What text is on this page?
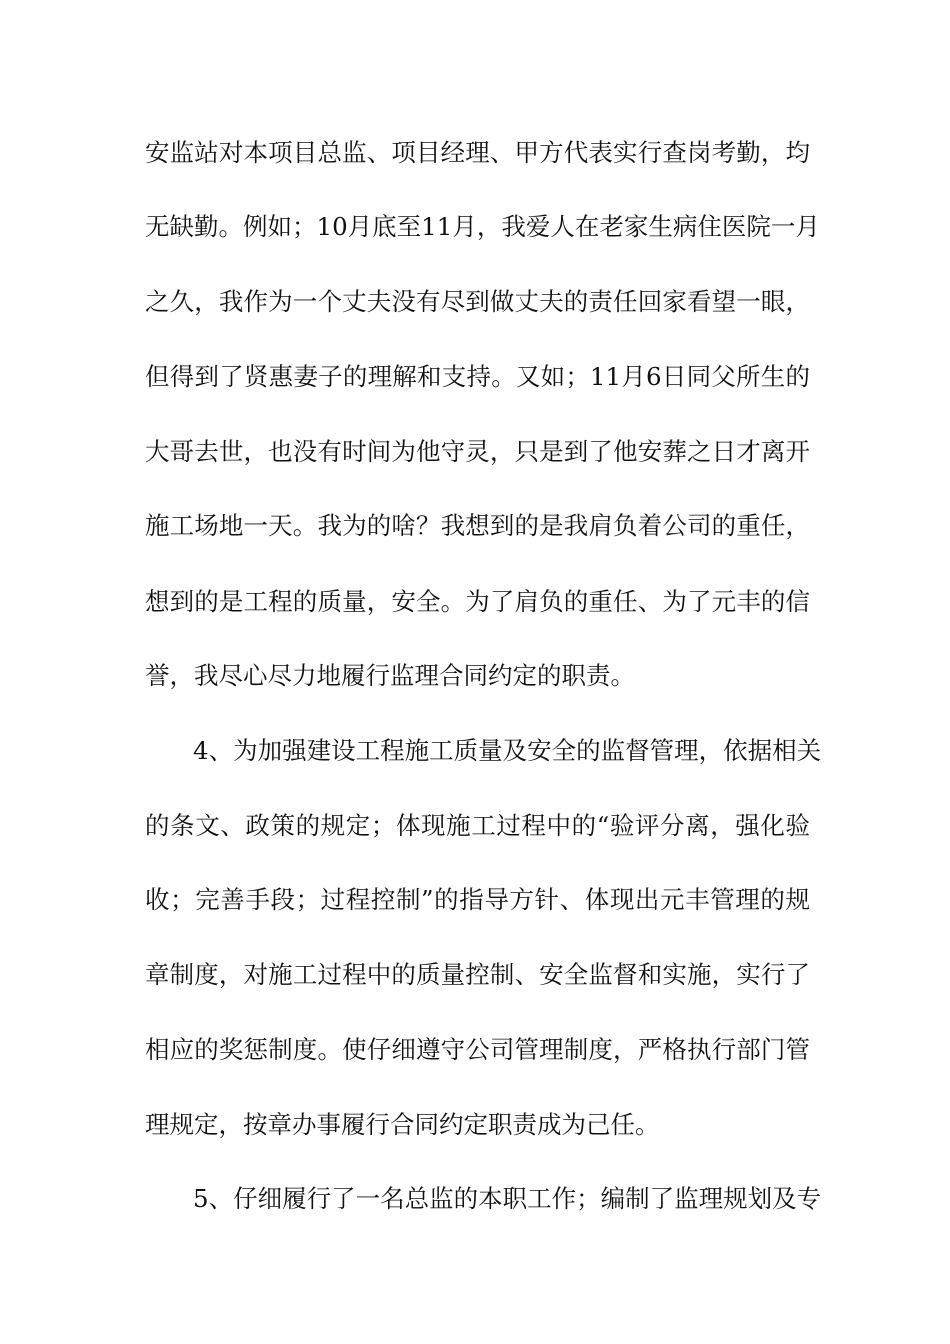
安监站对本项目总监、项目经理、甲方代表实行查岗考勤，均
无缺勤。例如；10月底至11月，我爱人在老家生病住医院一月
之久，我作为一个丈夫没有尽到做丈夫的责任回家看望一眼，
但得到了贤惠妻子的理解和支持。又如；11月6日同父所生的
大哥去世，也没有时间为他守灵，只是到了他安葬之日才离开
施工场地一天。我为的啥？我想到的是我肩负着公司的重任，
想到的是工程的质量，安全。为了肩负的重任、为了元丰的信
誉，我尽心尽力地履行监理合同约定的职责。
4、为加强建设工程施工质量及安全的监督管理，依据相关
的条文、政策的规定；体现施工过程中的“验评分离，强化验
收；完善手段；过程控制”的指导方针、体现出元丰管理的规
章制度，对施工过程中的质量控制、安全监督和实施，实行了
相应的奖惩制度。使仔细遵守公司管理制度，严格执行部门管
理规定，按章办事履行合同约定职责成为己任。
5、仔细履行了一名总监的本职工作；编制了监理规划及专
